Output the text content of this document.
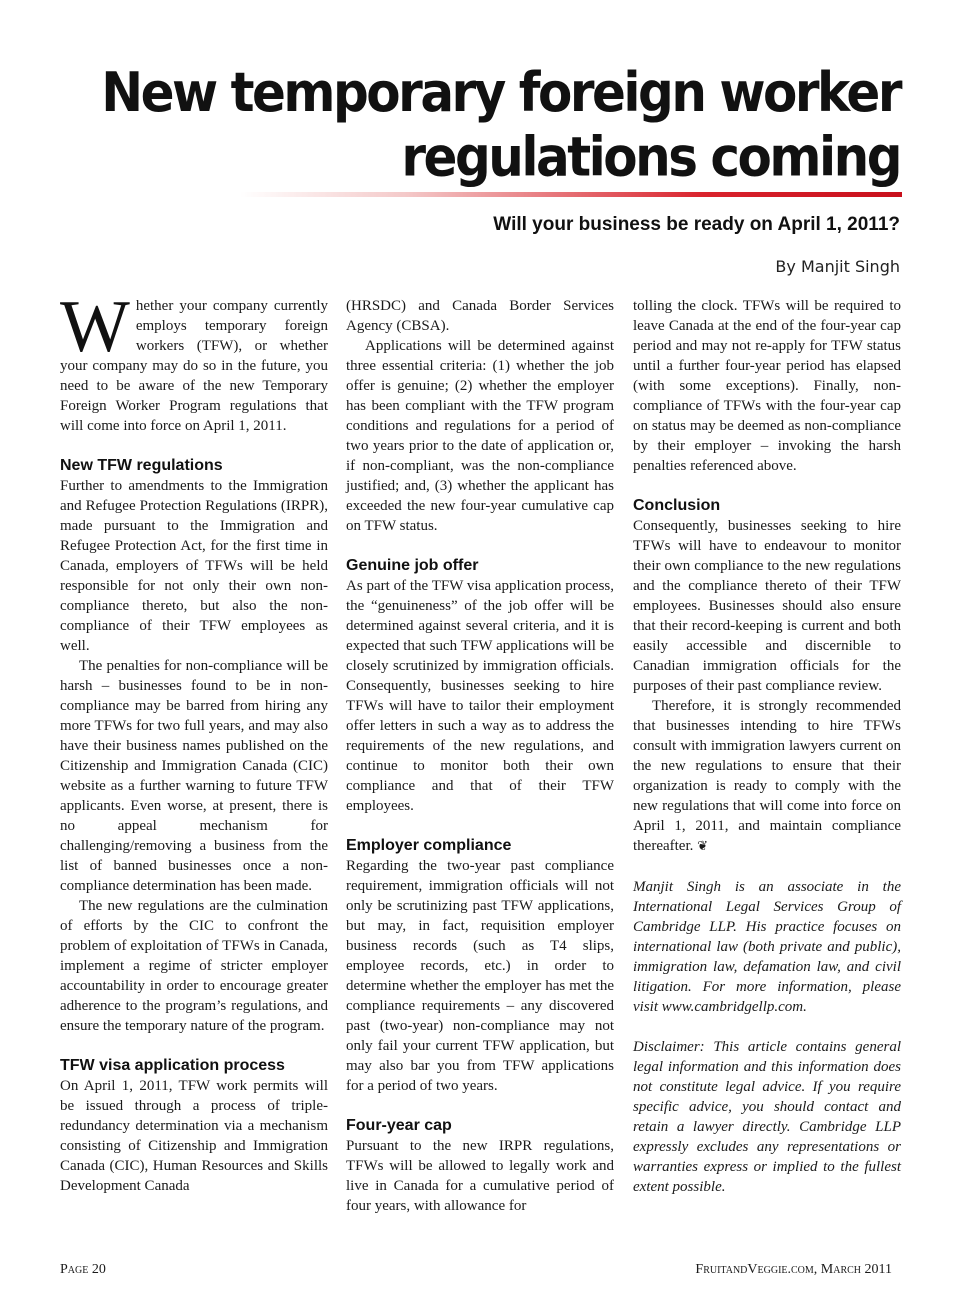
New temporary foreign worker
regulations coming
Will your business be ready on April 1, 2011?
By Manjit Singh

Whether your company currently employs temporary foreign workers (TFW), or whether your company may do so in the future, you need to be aware of the new Temporary Foreign Worker Program regulations that will come into force on April 1, 2011.

New TFW regulations

Further to amendments to the Immigration and Refugee Protection Regulations (IRPR), made pursuant to the Immigration and Refugee Protection Act, for the first time in Canada, employers of TFWs will be held responsible for not only their own non-compliance thereto, but also the non-compliance of their TFW employees as well.

The penalties for non-compliance will be harsh – businesses found to be in non-compliance may be barred from hiring any more TFWs for two full years, and may also have their business names published on the Citizenship and Immigration Canada (CIC) website as a further warning to future TFW applicants. Even worse, at present, there is no appeal mechanism for challenging/removing a business from the list of banned businesses once a non-compliance determination has been made.

The new regulations are the culmination of efforts by the CIC to confront the problem of exploitation of TFWs in Canada, implement a regime of stricter employer accountability in order to encourage greater adherence to the program’s regulations, and ensure the temporary nature of the program.

TFW visa application process

On April 1, 2011, TFW work permits will be issued through a process of triple-redundancy determination via a mechanism consisting of Citizenship and Immigration Canada (CIC), Human Resources and Skills Development Canada

(HRSDC) and Canada Border Services Agency (CBSA).

Applications will be determined against three essential criteria: (1) whether the job offer is genuine; (2) whether the employer has been compliant with the TFW program conditions and regulations for a period of two years prior to the date of application or, if non-compliant, was the non-compliance justified; and, (3) whether the applicant has exceeded the new four-year cumulative cap on TFW status.

Genuine job offer

As part of the TFW visa application process, the “genuineness” of the job offer will be determined against several criteria, and it is expected that such TFW applications will be closely scrutinized by immigration officials. Consequently, businesses seeking to hire TFWs will have to tailor their employment offer letters in such a way as to address the requirements of the new regulations, and continue to monitor both their own compliance and that of their TFW employees.

Employer compliance

Regarding the two-year past compliance requirement, immigration officials will not only be scrutinizing past TFW applications, but may, in fact, requisition employer business records (such as T4 slips, employee records, etc.) in order to determine whether the employer has met the compliance requirements – any discovered past (two-year) non-compliance may not only fail your current TFW application, but may also bar you from TFW applications for a period of two years.

Four-year cap

Pursuant to the new IRPR regulations, TFWs will be allowed to legally work and live in Canada for a cumulative period of four years, with allowance for

tolling the clock. TFWs will be required to leave Canada at the end of the four-year cap period and may not re-apply for TFW status until a further four-year period has elapsed (with some exceptions). Finally, non-compliance of TFWs with the four-year cap on status may be deemed as non-compliance by their employer – invoking the harsh penalties referenced above.

Conclusion

Consequently, businesses seeking to hire TFWs will have to endeavour to monitor their own compliance to the new regulations and the compliance thereto of their TFW employees. Businesses should also ensure that their record-keeping is current and both easily accessible and discernible to Canadian immigration officials for the purposes of their past compliance review.

Therefore, it is strongly recommended that businesses intending to hire TFWs consult with immigration lawyers current on the new regulations to ensure that their organization is ready to comply with the new regulations that will come into force on April 1, 2011, and maintain compliance thereafter. ❦

Manjit Singh is an associate in the International Legal Services Group of Cambridge LLP. His practice focuses on international law (both private and public), immigration law, defamation law, and civil litigation. For more information, please visit www.cambridgellp.com.

Disclaimer: This article contains general legal information and this information does not constitute legal advice. If you require specific advice, you should contact and retain a lawyer directly. Cambridge LLP expressly excludes any representations or warranties express or implied to the fullest extent possible.

Page 20	FruitandVeggie.com, March 2011
